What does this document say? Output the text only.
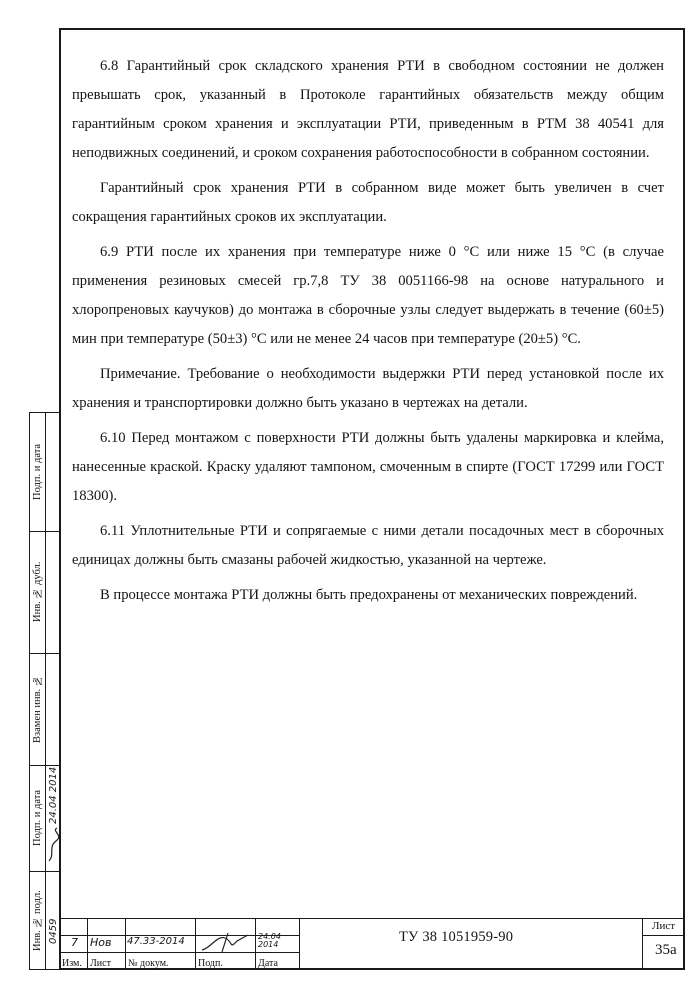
6.8 Гарантийный срок складского хранения РТИ в свободном состоянии не должен превышать срок, указанный в Протоколе гарантийных обязательств между общим гарантийным сроком хранения и эксплуатации РТИ, приведенным в РТМ 38 40541 для неподвижных соединений, и сроком сохранения работоспособности в собранном состоянии.

Гарантийный срок хранения РТИ в собранном виде может быть увеличен в счет сокращения гарантийных сроков их эксплуатации.

6.9 РТИ после их хранения при температуре ниже 0 °С или ниже 15 °С (в случае применения резиновых смесей гр.7,8 ТУ 38 0051166-98 на основе натурального и хлоропреновых каучуков) до монтажа в сборочные узлы следует выдержать в течение (60±5) мин при температуре (50±3) °С или не менее 24 часов при температуре (20±5) °С.

Примечание. Требование о необходимости выдержки РТИ перед установкой после их хранения и транспортировки должно быть указано в чертежах на детали.

6.10 Перед монтажом с поверхности РТИ должны быть удалены маркировка и клейма, нанесенные краской. Краску удаляют тампоном, смоченным в спирте (ГОСТ 17299 или ГОСТ 18300).

6.11 Уплотнительные РТИ и сопрягаемые с ними детали посадочных мест в сборочных единицах должны быть смазаны рабочей жидкостью, указанной на чертеже.

В процессе монтажа РТИ должны быть предохранены от механических повреждений.

Подп. и дата
Инв. № дубл.
Взамен инв. №
Подп. и дата
Инв. № подл.
24.04 2014
0459
Изм. Лист № докум.	Подп.	Дата
7 Нов 47.33-2014	24.04 2014	ТУ 38 1051959-90
Лист
35а
